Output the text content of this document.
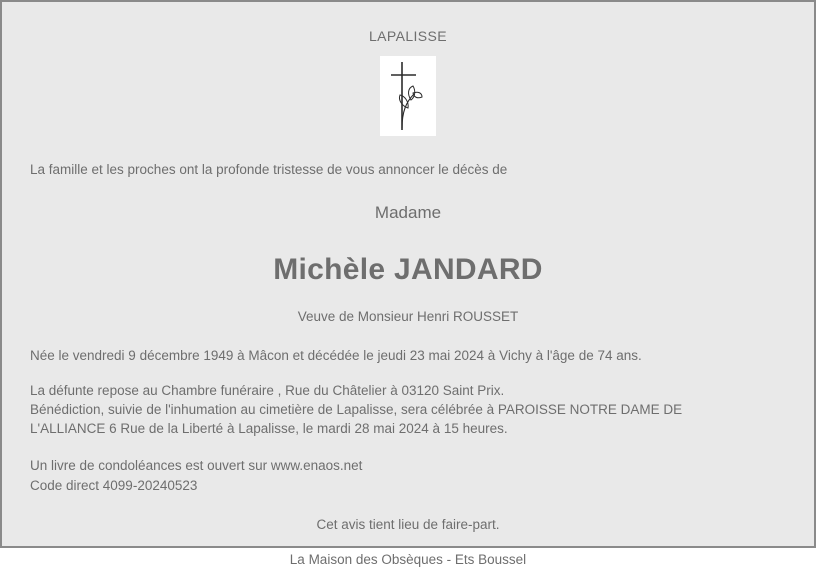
LAPALISSE
La famille et les proches ont la profonde tristesse de vous annoncer le décès de
Madame
Michèle JANDARD
Veuve de Monsieur Henri ROUSSET
Née le vendredi 9 décembre 1949 à Mâcon et décédée le jeudi 23 mai 2024 à Vichy à l'âge de 74 ans.
La défunte repose au Chambre funéraire , Rue du Châtelier à 03120 Saint Prix.
Bénédiction, suivie de l'inhumation au cimetière de Lapalisse, sera célébrée à PAROISSE NOTRE DAME DE
L'ALLIANCE 6 Rue de la Liberté à Lapalisse, le mardi 28 mai 2024 à 15 heures.
Un livre de condoléances est ouvert sur www.enaos.net
Code direct 4099-20240523
Cet avis tient lieu de faire-part.
La Maison des Obsèques - Ets Boussel
